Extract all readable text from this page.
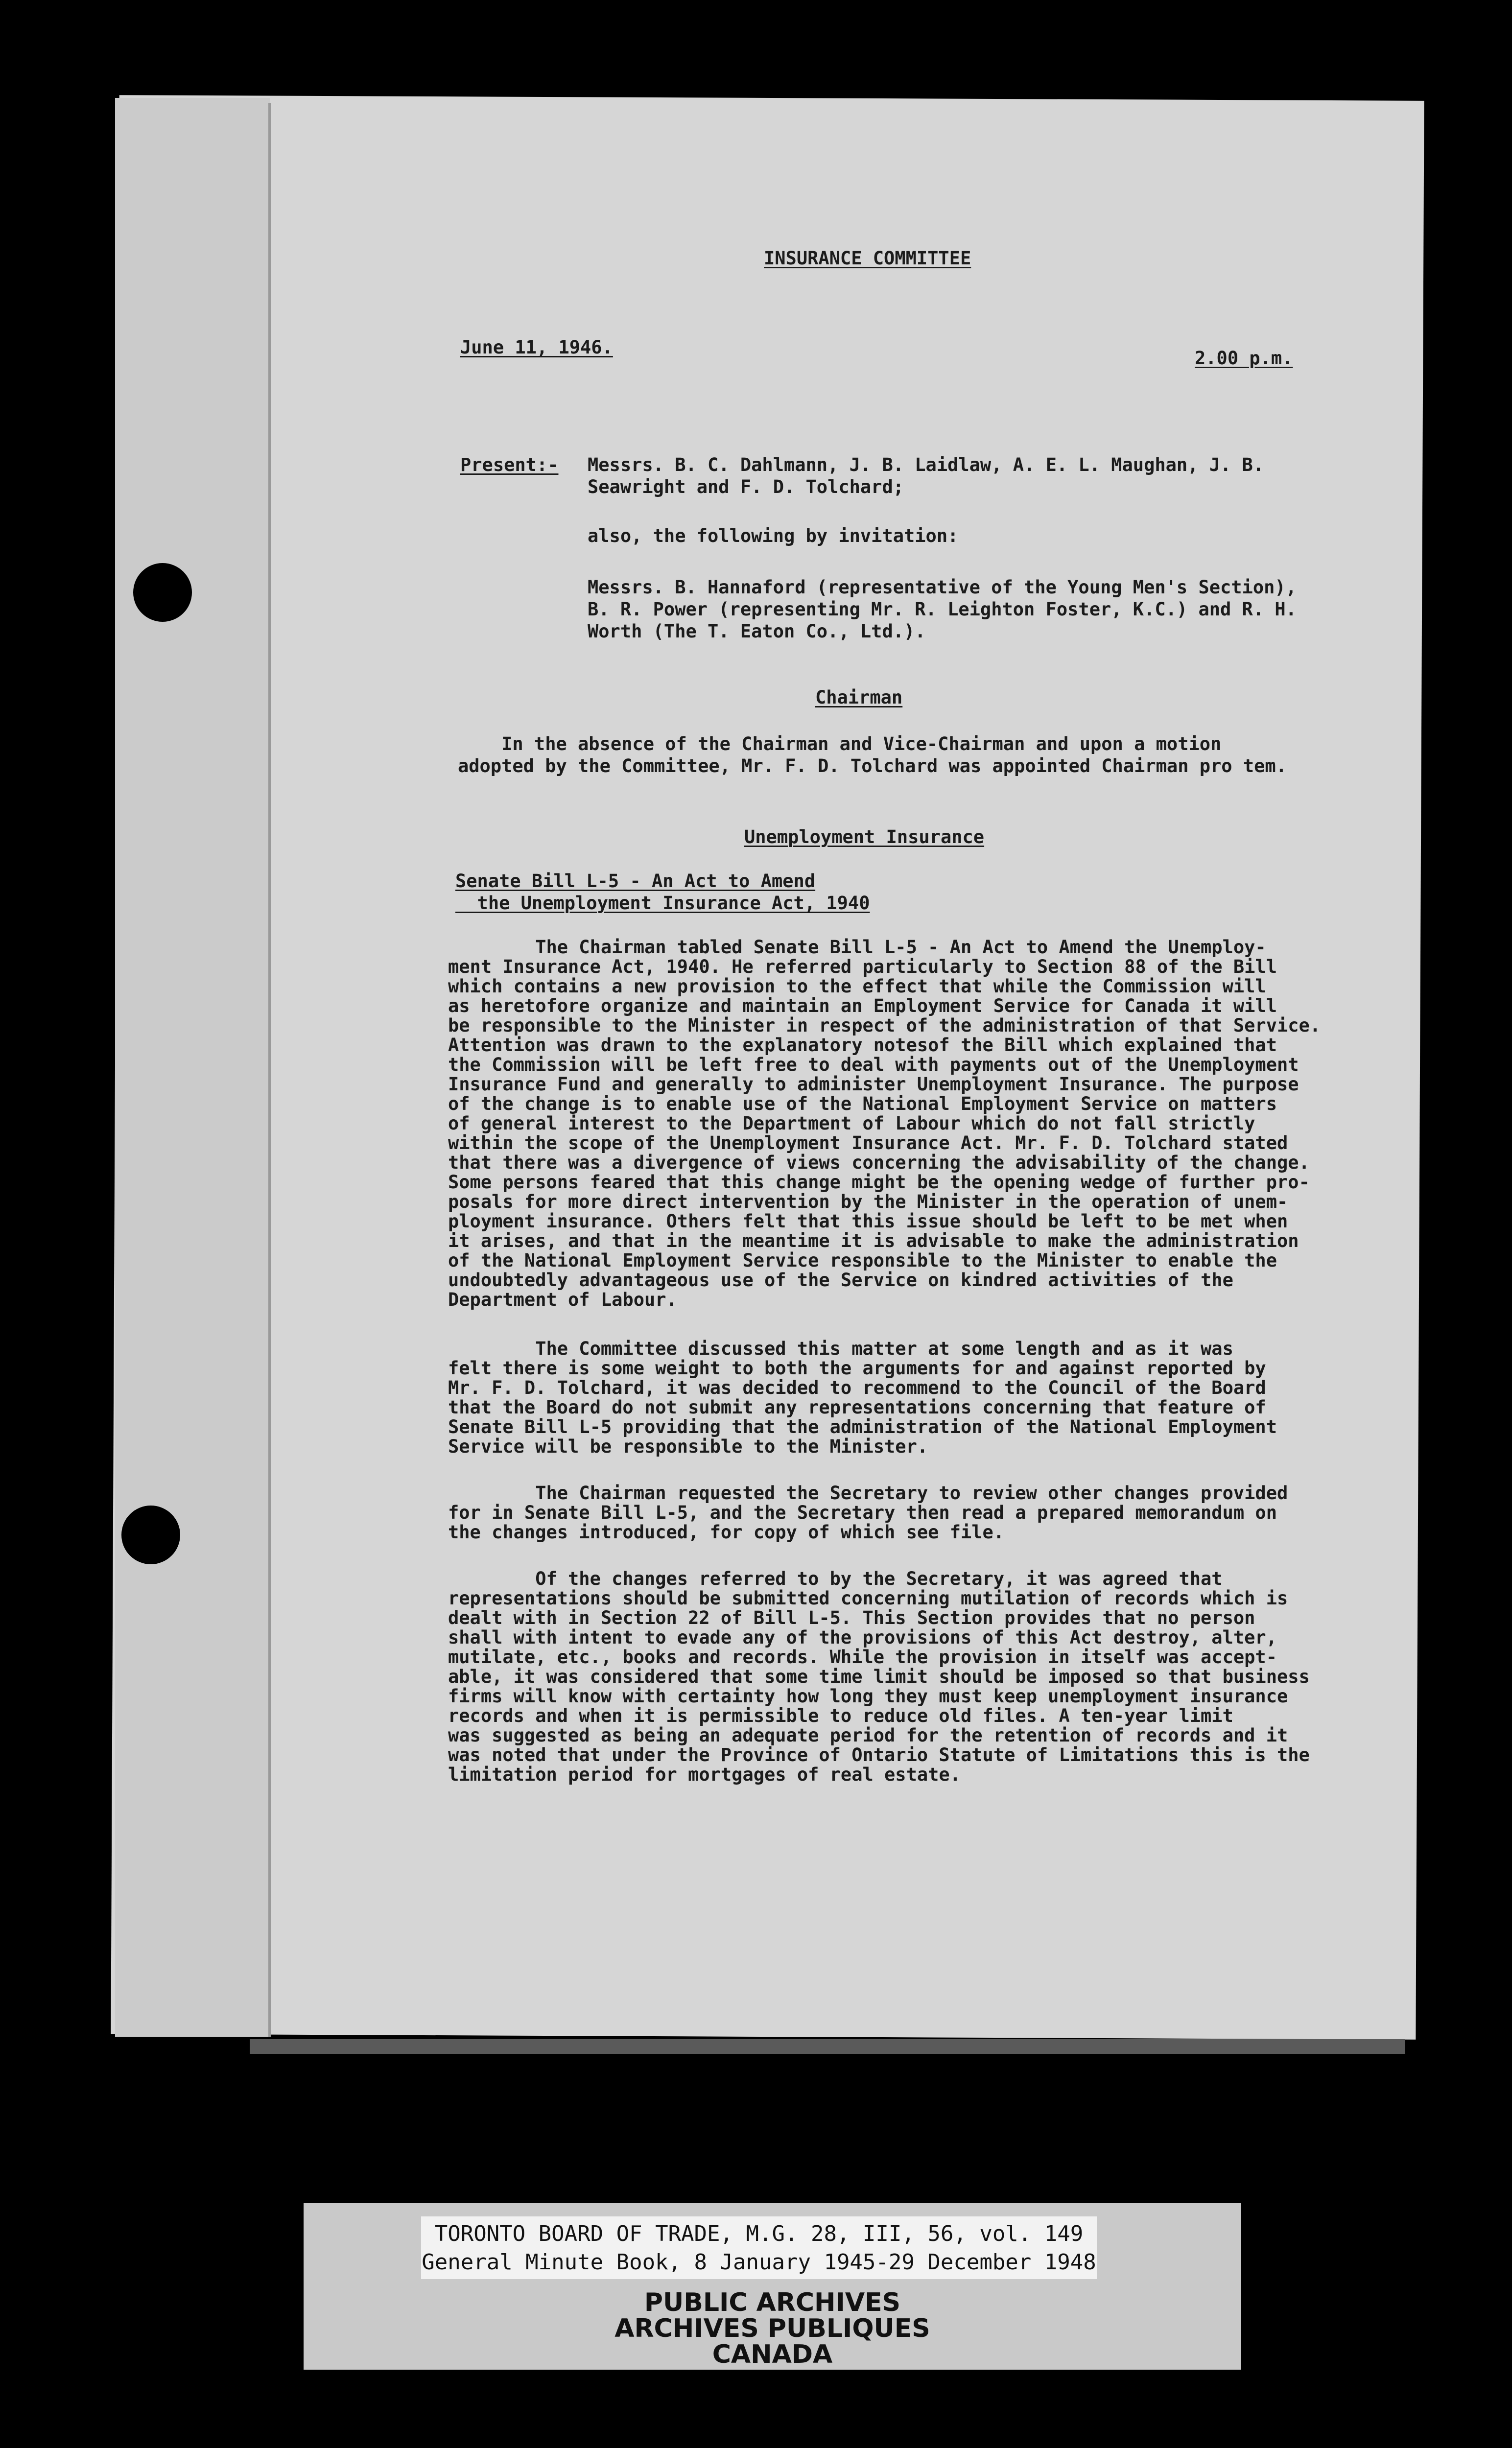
INSURANCE COMMITTEE
June 11, 1946.
2.00 p.m.
Present:- Messrs. B. C. Dahlmann, J. B. Laidlaw, A. E. L. Maughan, J. B.
Seawright and F. D. Tolchard;
also, the following by invitation:
Messrs. B. Hannaford (representative of the Young Men's Section),
B. R. Power (representing Mr. R. Leighton Foster, K.C.) and R. H.
Worth (The T. Eaton Co., Ltd.).
Chairman
In the absence of the Chairman and Vice-Chairman and upon a motion
adopted by the Committee, Mr. F. D. Tolchard was appointed Chairman pro tem.
Unemployment Insurance
Senate Bill L-5 - An Act to Amend
the Unemployment Insurance Act, 1940
The Chairman tabled Senate Bill L-5 - An Act to Amend the Unemploy-
ment Insurance Act, 1940. He referred particularly to Section 88 of the Bill
which contains a new provision to the effect that while the Commission will
as heretofore organize and maintain an Employment Service for Canada it will
be responsible to the Minister in respect of the administration of that Service.
Attention was drawn to the explanatory notesof the Bill which explained that
the Commission will be left free to deal with payments out of the Unemployment
Insurance Fund and generally to administer Unemployment Insurance. The purpose
of the change is to enable use of the National Employment Service on matters
of general interest to the Department of Labour which do not fall strictly
within the scope of the Unemployment Insurance Act. Mr. F. D. Tolchard stated
that there was a divergence of views concerning the advisability of the change.
Some persons feared that this change might be the opening wedge of further pro-
posals for more direct intervention by the Minister in the operation of unem-
ployment insurance. Others felt that this issue should be left to be met when
it arises, and that in the meantime it is advisable to make the administration
of the National Employment Service responsible to the Minister to enable the
undoubtedly advantageous use of the Service on kindred activities of the
Department of Labour.
The Committee discussed this matter at some length and as it was
felt there is some weight to both the arguments for and against reported by
Mr. F. D. Tolchard, it was decided to recommend to the Council of the Board
that the Board do not submit any representations concerning that feature of
Senate Bill L-5 providing that the administration of the National Employment
Service will be responsible to the Minister.
The Chairman requested the Secretary to review other changes provided
for in Senate Bill L-5, and the Secretary then read a prepared memorandum on
the changes introduced, for copy of which see file.
Of the changes referred to by the Secretary, it was agreed that
representations should be submitted concerning mutilation of records which is
dealt with in Section 22 of Bill L-5. This Section provides that no person
shall with intent to evade any of the provisions of this Act destroy, alter,
mutilate, etc., books and records. While the provision in itself was accept-
able, it was considered that some time limit should be imposed so that business
firms will know with certainty how long they must keep unemployment insurance
records and when it is permissible to reduce old files. A ten-year limit
was suggested as being an adequate period for the retention of records and it
was noted that under the Province of Ontario Statute of Limitations this is the
limitation period for mortgages of real estate.
TORONTO BOARD OF TRADE, M.G. 28, III, 56, vol. 149
General Minute Book, 8 January 1945-29 December 1948
PUBLIC ARCHIVES
ARCHIVES PUBLIQUES
CANADA
